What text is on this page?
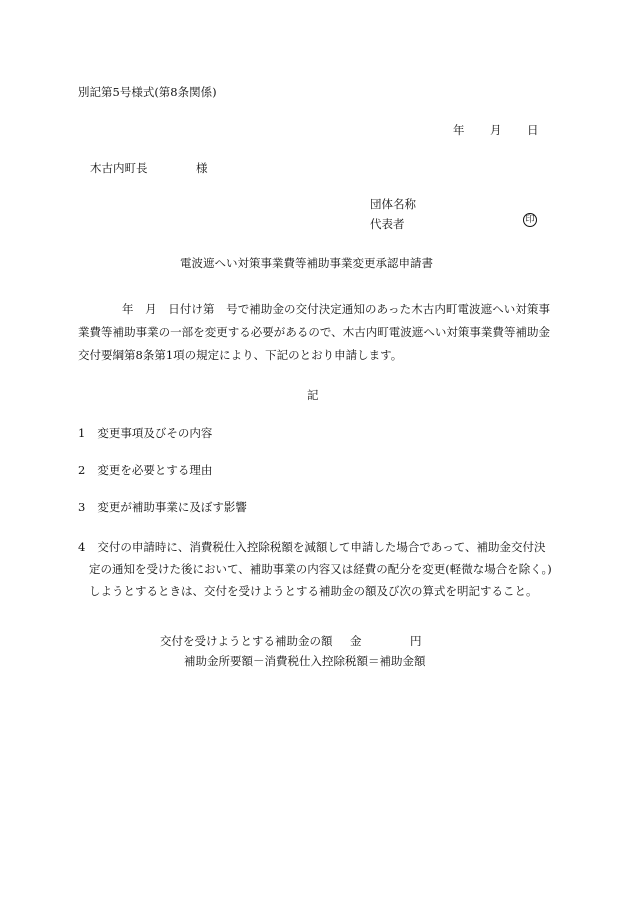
別記第5号様式(第8条関係)
年 月 日
木古内町長	様
団体名称
代表者	印
電波遮へい対策事業費等補助事業変更承認申請書
年　月　日付け第　号で補助金の交付決定通知のあった木古内町電波遮へい対策事業費等補助事業の一部を変更する必要があるので、木古内町電波遮へい対策事業費等補助金交付要綱第8条第1項の規定により、下記のとおり申請します。
記
1 変更事項及びその内容
2 変更を必要とする理由
3 変更が補助事業に及ぼす影響
4 交付の申請時に、消費税仕入控除税額を減額して申請した場合であって、補助金交付決定の通知を受けた後において、補助事業の内容又は経費の配分を変更(軽微な場合を除く。)しようとするときは、交付を受けようとする補助金の額及び次の算式を明記すること。
交付を受けようとする補助金の額 金	円
補助金所要額－消費税仕入控除税額＝補助金額
